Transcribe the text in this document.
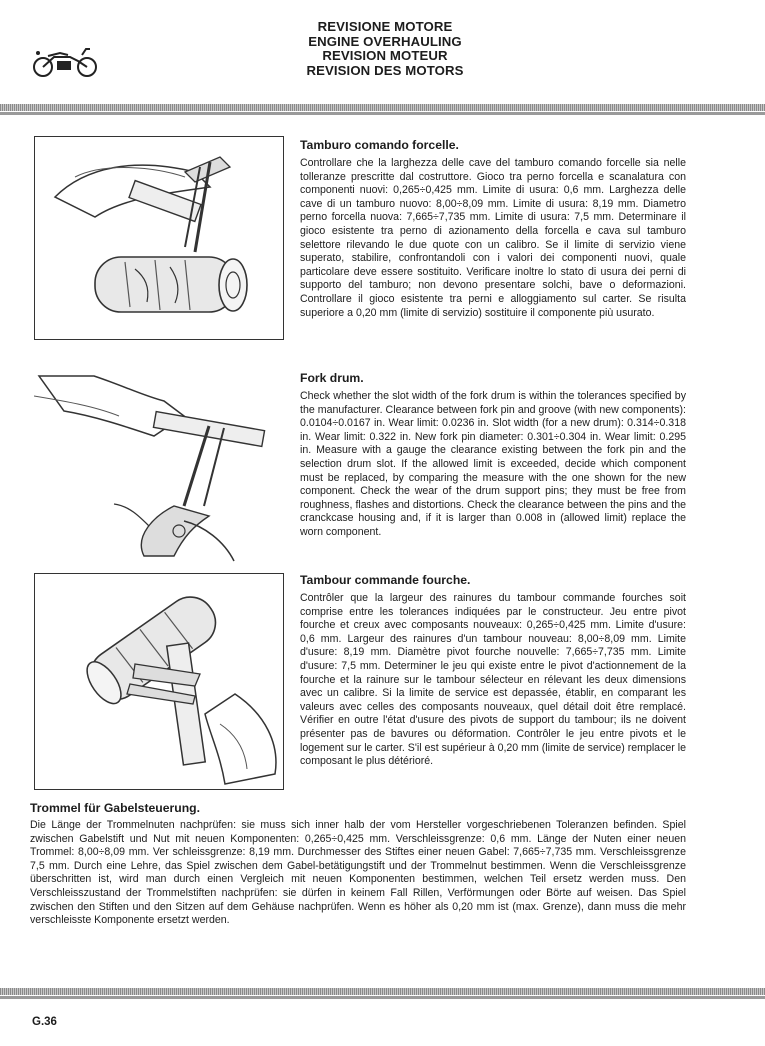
REVISIONE MOTORE
ENGINE OVERHAULING
REVISION MOTEUR
REVISION DES MOTORS
Tamburo comando forcelle.

Controllare che la larghezza delle cave del tamburo comando forcelle sia nelle tolleranze prescritte dal costruttore. Gioco tra perno forcella e scanalatura con componenti nuovi: 0,265÷0,425 mm. Limite di usura: 0,6 mm. Larghezza delle cave di un tamburo nuovo: 8,00÷8,09 mm. Limite di usura: 8,19 mm. Diametro perno forcella nuova: 7,665÷7,735 mm. Limite di usura: 7,5 mm. Determinare il gioco esistente tra perno di azionamento della forcella e cava sul tamburo selettore rilevando le due quote con un calibro. Se il limite di servizio viene superato, stabilire, confrontandoli con i valori dei componenti nuovi, quale particolare deve essere sostituito. Verificare inoltre lo stato di usura dei perni di supporto del tamburo; non devono presentare solchi, bave o deformazioni. Controllare il gioco esistente tra perni e alloggiamento sul carter. Se risulta superiore a 0,20 mm (limite di servizio) sostituire il componente più usurato.

Fork drum.

Check whether the slot width of the fork drum is within the tolerances specified by the manufacturer. Clearance between fork pin and groove (with new components): 0.0104÷0.0167 in. Wear limit: 0.0236 in. Slot width (for a new drum): 0.314÷0.318 in. Wear limit: 0.322 in. New fork pin diameter: 0.301÷0.304 in. Wear limit: 0.295 in. Measure with a gauge the clearance existing between the fork pin and the selection drum slot. If the allowed limit is exceeded, decide which component must be replaced, by comparing the measure with the one shown for the new component. Check the wear of the drum support pins; they must be free from roughness, flashes and distortions. Check the clearance between the pins and the cranckcase housing and, if it is larger than 0.008 in (allowed limit) replace the worn component.

Tambour commande fourche.

Contrôler que la largeur des rainures du tambour commande fourches soit comprise entre les tolerances indiquées par le constructeur. Jeu entre pivot fourche et creux avec composants nouveaux: 0,265÷0,425 mm. Limite d'usure: 0,6 mm. Largeur des rainures d'un tambour nouveau: 8,00÷8,09 mm. Limite d'usure: 8,19 mm. Diamètre pivot fourche nouvelle: 7,665÷7,735 mm. Limite d'usure: 7,5 mm. Determiner le jeu qui existe entre le pivot d'actionnement de la fourche et la rainure sur le tambour sélecteur en rélevant les deux dimensions avec un calibre. Si la limite de service est depassée, établir, en comparant les valeurs avec celles des composants nouveaux, quel détail doit être remplacé. Vérifier en outre l'état d'usure des pivots de support du tambour; ils ne doivent présenter pas de bavures ou déformation. Contrôler le jeu entre pivots et le logement sur le carter. S'il est supérieur à 0,20 mm (limite de service) remplacer le composant le plus détérioré.

Trommel für Gabelsteuerung.

Die Länge der Trommelnuten nachprüfen: sie muss sich inner halb der vom Hersteller vorgeschriebenen Toleranzen befinden. Spiel zwischen Gabelstift und Nut mit neuen Komponenten: 0,265÷0,425 mm. Verschleissgrenze: 0,6 mm. Länge der Nuten einer neuen Trommel: 8,00÷8,09 mm. Ver schleissgrenze: 8,19 mm. Durchmesser des Stiftes einer neuen Gabel: 7,665÷7,735 mm. Verschleissgrenze 7,5 mm. Durch eine Lehre, das Spiel zwischen dem Gabel-betätigungstift und der Trommelnut bestimmen. Wenn die Verschleissgrenze überschritten ist, wird man durch einen Vergleich mit neuen Komponenten bestimmen, welchen Teil ersetz werden muss. Den Verschleisszustand der Trommelstiften nachprüfen: sie dürfen in keinem Fall Rillen, Verförmungen oder Börte auf weisen. Das Spiel zwischen den Stiften und den Sitzen auf dem Gehäuse nachprüfen. Wenn es höher als 0,20 mm ist (max. Grenze), dann muss die mehr verschleisste Komponente ersetzt werden.

G.36
